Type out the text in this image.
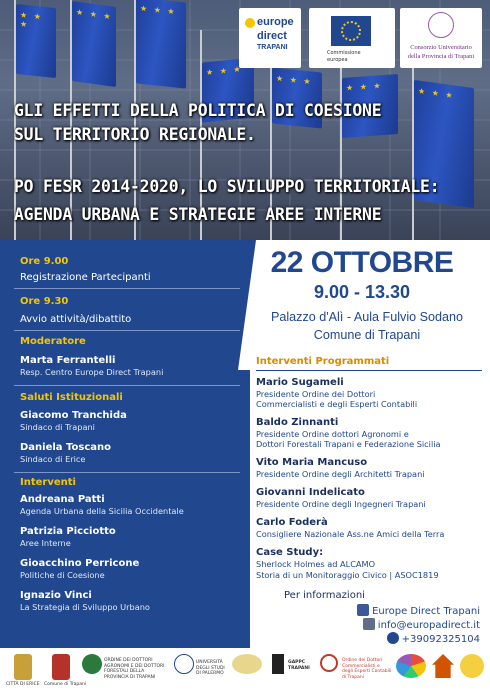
★ ★ ★
★ ★ ★
★ ★ ★
★ ★ ★
★ ★ ★
★ ★ ★
★ ★ ★
europe
direct
TRAPANI
Commissione
europea
Consorzio Universitario
della Provincia di Trapani
GLI EFFETTI DELLA POLITICA DI COESIONE
SUL TERRITORIO REGIONALE.
PO FESR 2014-2020, LO SVILUPPO TERRITORIALE:
AGENDA URBANA E STRATEGIE AREE INTERNE
Ore 9.00
Registrazione Partecipanti
Ore 9.30
Avvio attività/dibattito
Moderatore
Marta Ferrantelli
Resp. Centro Europe Direct Trapani
Saluti Istituzionali
Giacomo Tranchida
Sindaco di Trapani
Daniela Toscano
Sindaco di Erice
Interventi
Andreana Patti
Agenda Urbana della Sicilia Occidentale
Patrizia Picciotto
Aree Interne
Gioacchino Perricone
Politiche di Coesione
Ignazio Vinci
La Strategia di Sviluppo Urbano
22 OTTOBRE
9.00 - 13.30
Palazzo d'Alì - Aula Fulvio Sodano
Comune di Trapani
Interventi Programmati
Mario Sugameli
Presidente Ordine dei Dottori
Commercialisti e degli Esperti Contabili
Baldo Zinnanti
Presidente Ordine dottori Agronomi e
Dottori Forestali Trapani e Federazione Sicilia
Vito Maria Mancuso
Presidente Ordine degli Architetti Trapani
Giovanni Indelicato
Presidente Ordine degli Ingegneri Trapani
Carlo Foderà
Consigliere Nazionale Ass.ne Amici della Terra
Case Study:
Sherlock Holmes ad ALCAMO
Storia di un Monitoraggio Civico | ASOC1819
Per informazioni
Europe Direct Trapani
info@europadirect.it
+39092325104
CITTÀ DI ERICE Comune di Trapani
ORDINE DEI DOTTORI AGRONOMI E DEI DOTTORI FORESTALI DELLA PROVINCIA DI TRAPANI
UNIVERSITÀ DEGLI STUDI DI PALERMO
GAPPC TRAPANI
Ordine dei Dottori Commercialisti e degli Esperti Contabili di Trapani
